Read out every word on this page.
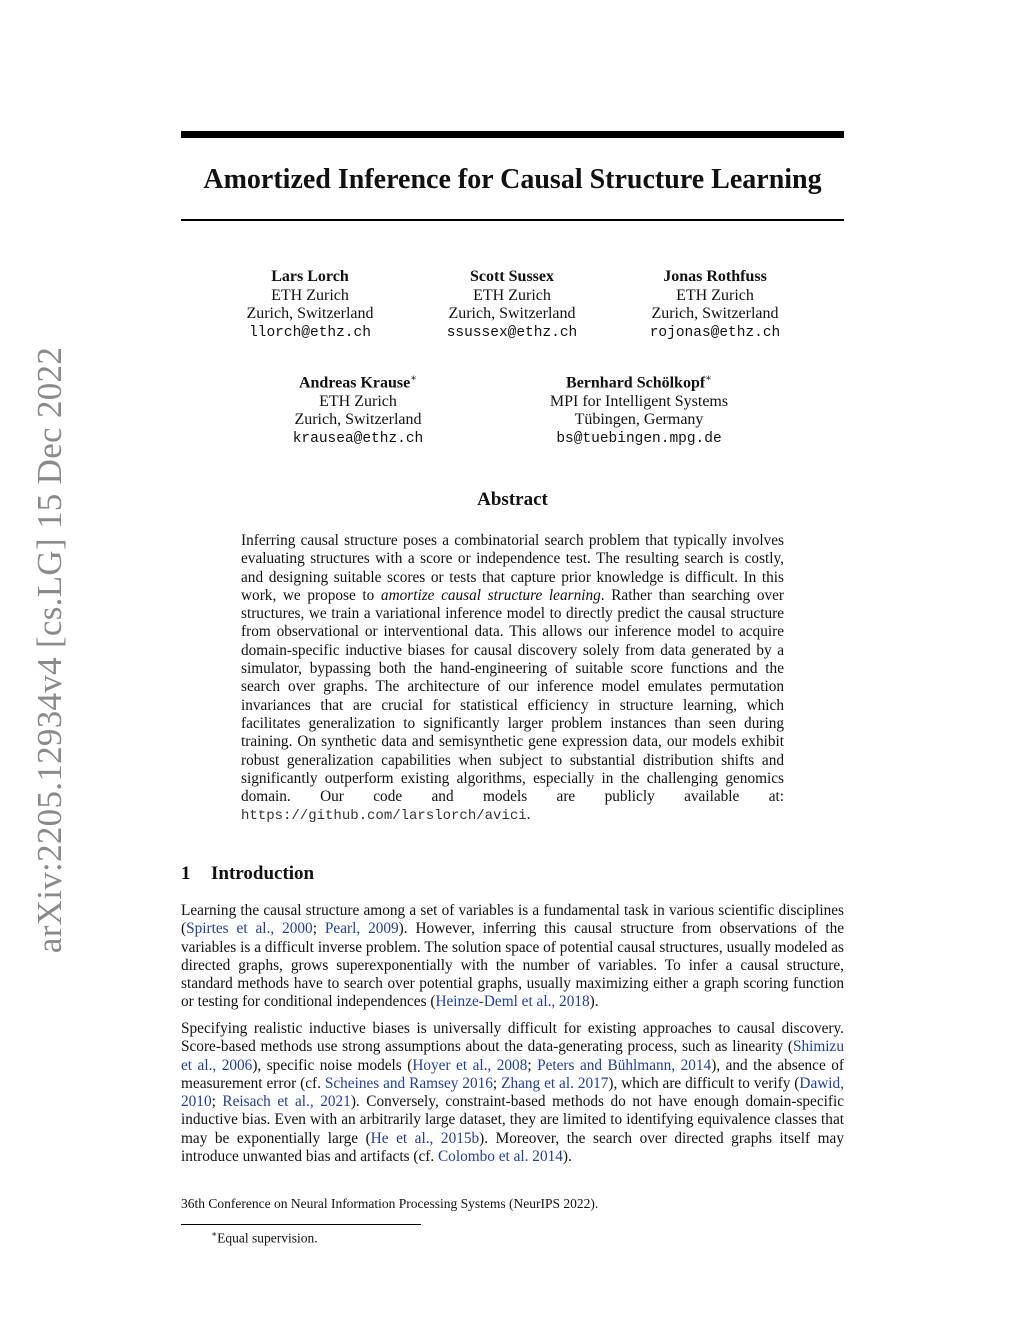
arXiv:2205.12934v4 [cs.LG] 15 Dec 2022
Amortized Inference for Causal Structure Learning
Lars Lorch
ETH Zurich
Zurich, Switzerland
llorch@ethz.ch
Scott Sussex
ETH Zurich
Zurich, Switzerland
ssussex@ethz.ch
Jonas Rothfuss
ETH Zurich
Zurich, Switzerland
rojonas@ethz.ch
Andreas Krause∗
ETH Zurich
Zurich, Switzerland
krausea@ethz.ch
Bernhard Schölkopf∗
MPI for Intelligent Systems
Tübingen, Germany
bs@tuebingen.mpg.de
Abstract

Inferring causal structure poses a combinatorial search problem that typically involves evaluating structures with a score or independence test. The resulting search is costly, and designing suitable scores or tests that capture prior knowledge is difficult. In this work, we propose to amortize causal structure learning. Rather than searching over structures, we train a variational inference model to directly predict the causal structure from observational or interventional data. This allows our inference model to acquire domain-specific inductive biases for causal discovery solely from data generated by a simulator, bypassing both the hand-engineering of suitable score functions and the search over graphs. The architecture of our inference model emulates permutation invariances that are crucial for statistical efficiency in structure learning, which facilitates generalization to significantly larger problem instances than seen during training. On synthetic data and semisynthetic gene expression data, our models exhibit robust generalization capabilities when subject to substantial distribution shifts and significantly outperform existing algorithms, especially in the challenging genomics domain. Our code and models are publicly available at: https://github.com/larslorch/avici.

1 Introduction

Learning the causal structure among a set of variables is a fundamental task in various scientific disciplines (Spirtes et al., 2000; Pearl, 2009). However, inferring this causal structure from observations of the variables is a difficult inverse problem. The solution space of potential causal structures, usually modeled as directed graphs, grows superexponentially with the number of variables. To infer a causal structure, standard methods have to search over potential graphs, usually maximizing either a graph scoring function or testing for conditional independences (Heinze-Deml et al., 2018).

Specifying realistic inductive biases is universally difficult for existing approaches to causal discovery. Score-based methods use strong assumptions about the data-generating process, such as linearity (Shimizu et al., 2006), specific noise models (Hoyer et al., 2008; Peters and Bühlmann, 2014), and the absence of measurement error (cf. Scheines and Ramsey 2016; Zhang et al. 2017), which are difficult to verify (Dawid, 2010; Reisach et al., 2021). Conversely, constraint-based methods do not have enough domain-specific inductive bias. Even with an arbitrarily large dataset, they are limited to identifying equivalence classes that may be exponentially large (He et al., 2015b). Moreover, the search over directed graphs itself may introduce unwanted bias and artifacts (cf. Colombo et al. 2014).

36th Conference on Neural Information Processing Systems (NeurIPS 2022).

∗Equal supervision.
